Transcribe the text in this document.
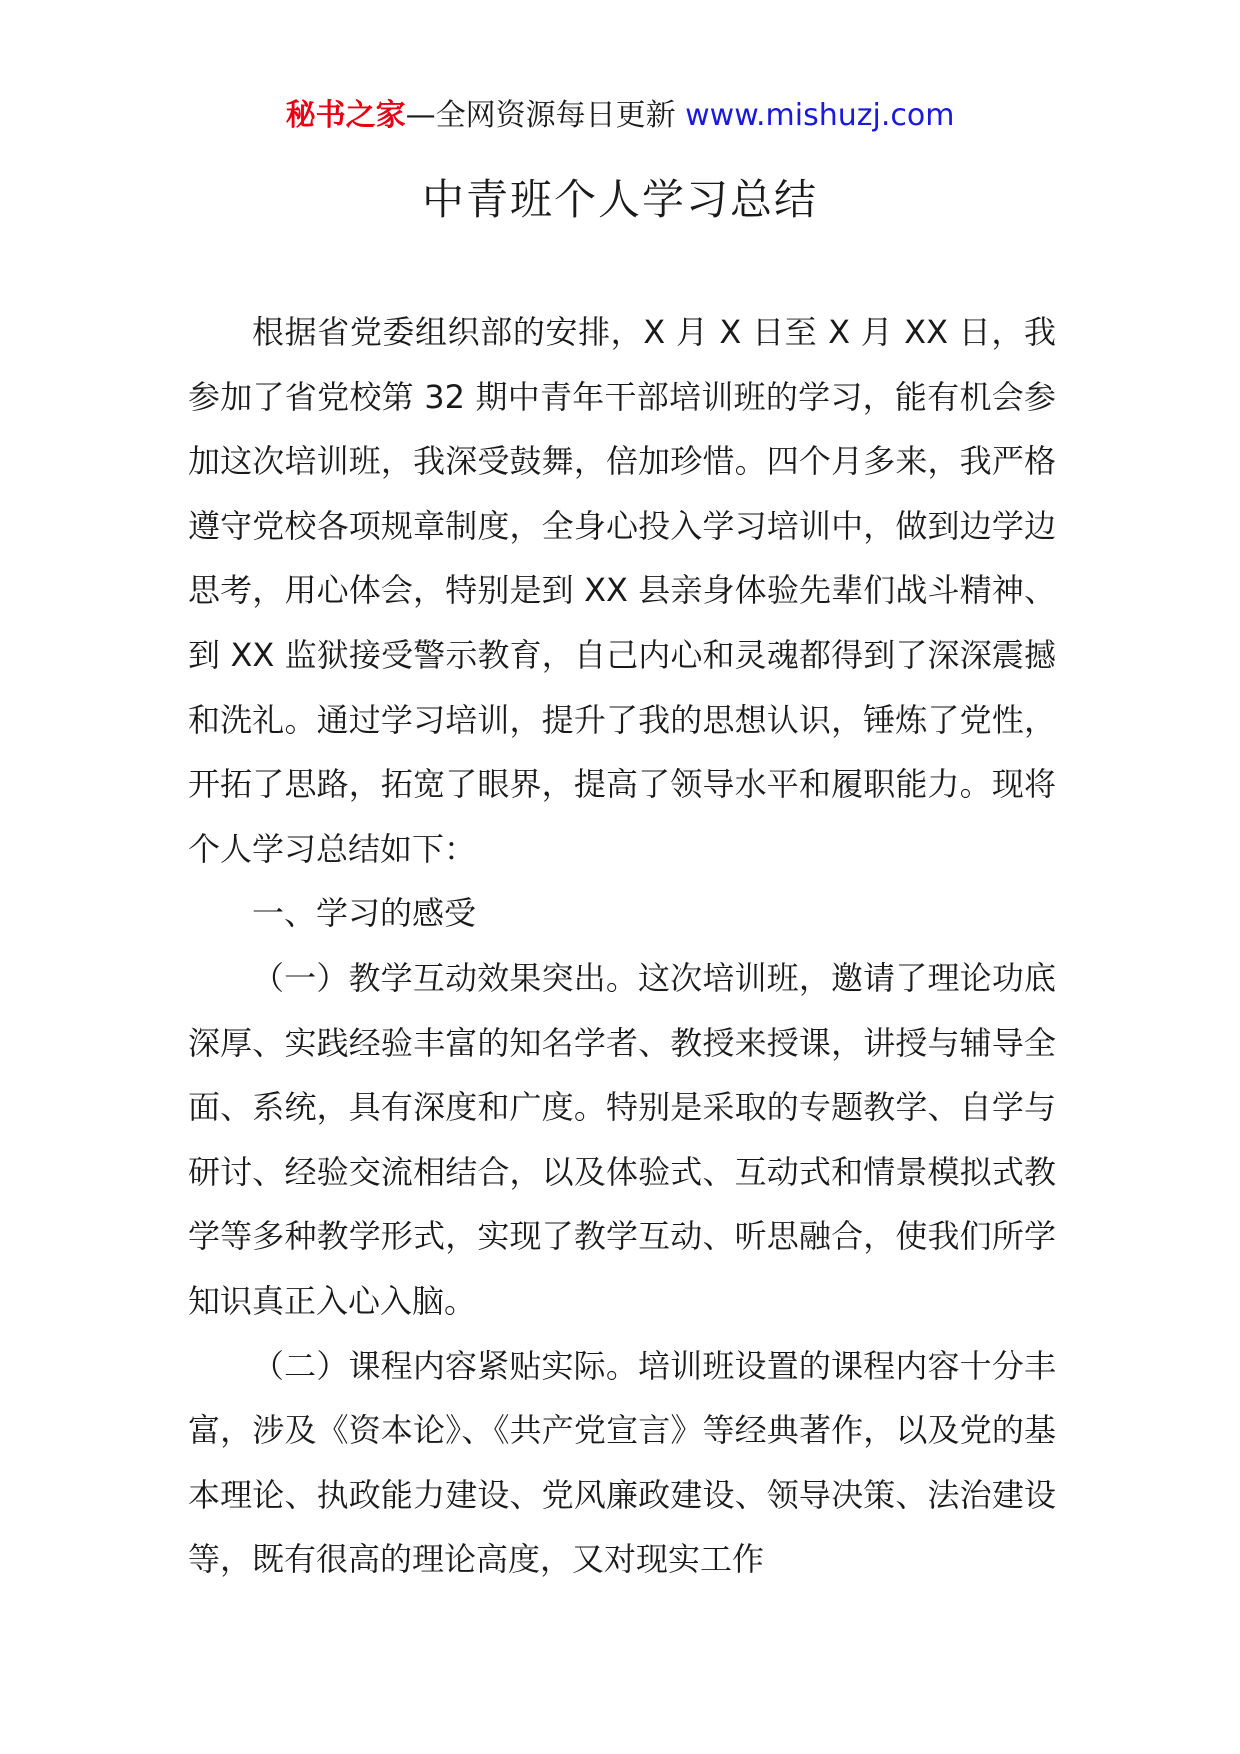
秘书之家—全网资源每日更新 www.mishuzj.com
中青班个人学习总结

根据省党委组织部的安排，X 月 X 日至 X 月 XX 日，我参加了省党校第 32 期中青年干部培训班的学习，能有机会参加这次培训班，我深受鼓舞，倍加珍惜。四个月多来，我严格遵守党校各项规章制度，全身心投入学习培训中，做到边学边思考，用心体会，特别是到 XX 县亲身体验先辈们战斗精神、到 XX 监狱接受警示教育，自己内心和灵魂都得到了深深震撼和洗礼。通过学习培训，提升了我的思想认识，锤炼了党性，开拓了思路，拓宽了眼界，提高了领导水平和履职能力。现将个人学习总结如下：

一、学习的感受

（一）教学互动效果突出。这次培训班，邀请了理论功底深厚、实践经验丰富的知名学者、教授来授课，讲授与辅导全面、系统，具有深度和广度。特别是采取的专题教学、自学与研讨、经验交流相结合，以及体验式、互动式和情景模拟式教学等多种教学形式，实现了教学互动、听思融合，使我们所学知识真正入心入脑。

（二）课程内容紧贴实际。培训班设置的课程内容十分丰富，涉及《资本论》、《共产党宣言》等经典著作，以及党的基本理论、执政能力建设、党风廉政建设、领导决策、法治建设等，既有很高的理论高度，又对现实工作
